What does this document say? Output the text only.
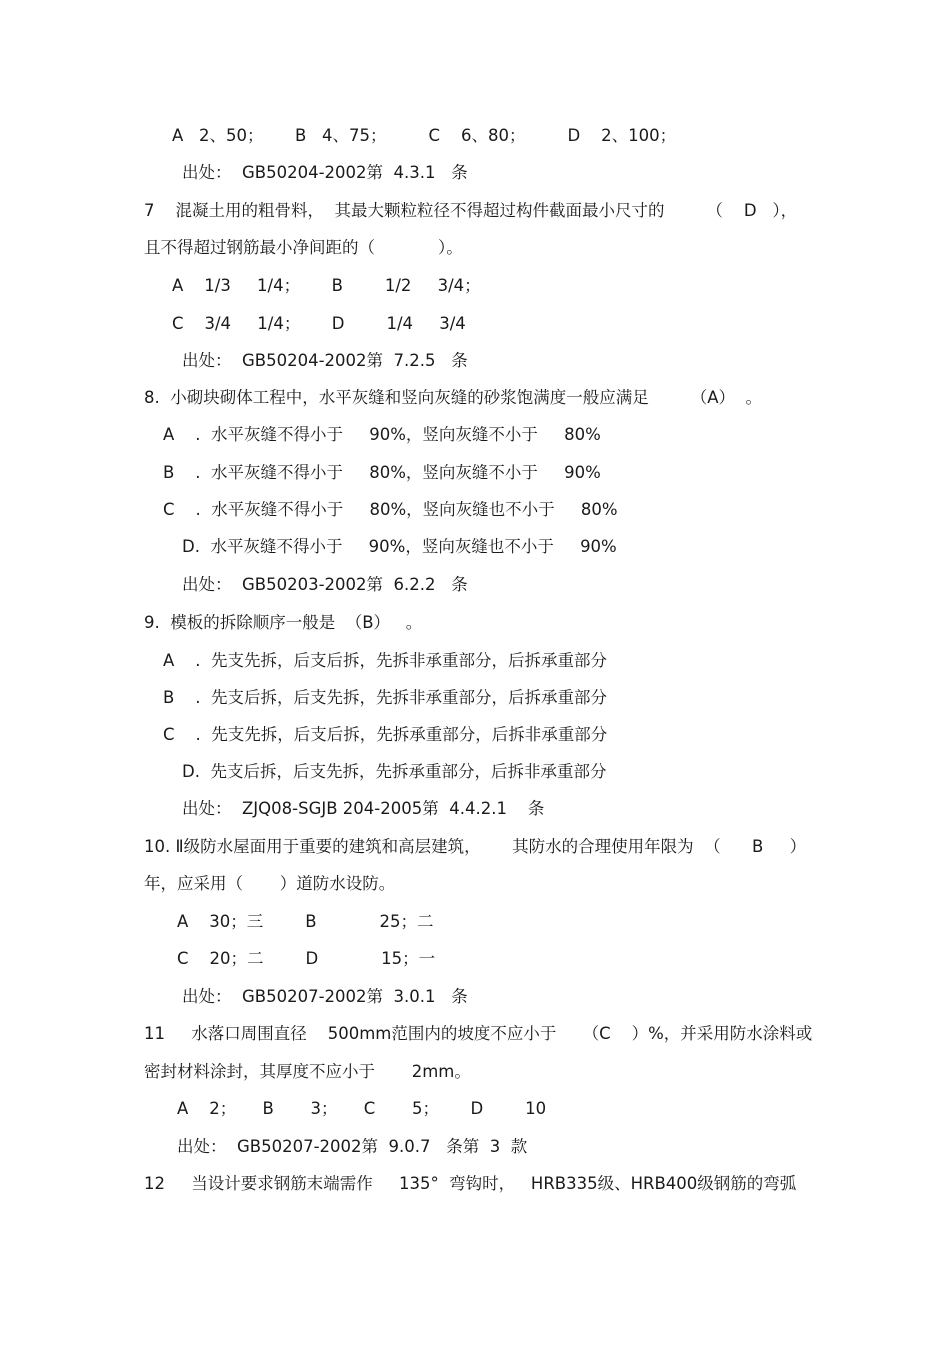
A   2、50；      B   4、75；        C    6、80；        D    2、100；
出处：  GB50204-2002第  4.3.1   条
7    混凝土用的粗骨料，  其最大颗粒粒径不得超过构件截面最小尺寸的        （    D   ），
且不得超过钢筋最小净间距的（            ）。
A    1/3     1/4；      B        1/2     3/4；
C    3/4     1/4；      D        1/4     3/4
出处：  GB50204-2002第  7.2.5   条
8.  小砌块砌体工程中，水平灰缝和竖向灰缝的砂浆饱满度一般应满足        （A）  。
A    .  水平灰缝不得小于     90%，竖向灰缝不小于     80%
B    .  水平灰缝不得小于     80%，竖向灰缝不小于     90%
C    .  水平灰缝不得小于     80%，竖向灰缝也不小于     80%
D.  水平灰缝不得小于     90%，竖向灰缝也不小于     90%
出处：  GB50203-2002第  6.2.2   条
9.  模板的拆除顺序一般是  （B）   。
A    .  先支先拆，后支后拆，先拆非承重部分，后拆承重部分
B    .  先支后拆，后支先拆，先拆非承重部分，后拆承重部分
C    .  先支先拆，后支后拆，先拆承重部分，后拆非承重部分
D.  先支后拆，后支先拆，先拆承重部分，后拆非承重部分
出处：  ZJQ08-SGJB 204-2005第  4.4.2.1    条
10. Ⅱ级防水屋面用于重要的建筑和高层建筑，      其防水的合理使用年限为  （      B     ）
年，应采用（       ）道防水设防。
A    30；三        B            25；二
C    20；二        D            15；一
出处：  GB50207-2002第  3.0.1   条
11     水落口周围直径    500mm范围内的坡度不应小于     （C    ）%，并采用防水涂料或
密封材料涂封，其厚度不应小于       2mm。
A    2；     B       3；     C       5；      D        10
出处：  GB50207-2002第  9.0.7   条第  3  款
12     当设计要求钢筋末端需作     135°  弯钩时，   HRB335级、HRB400级钢筋的弯弧
